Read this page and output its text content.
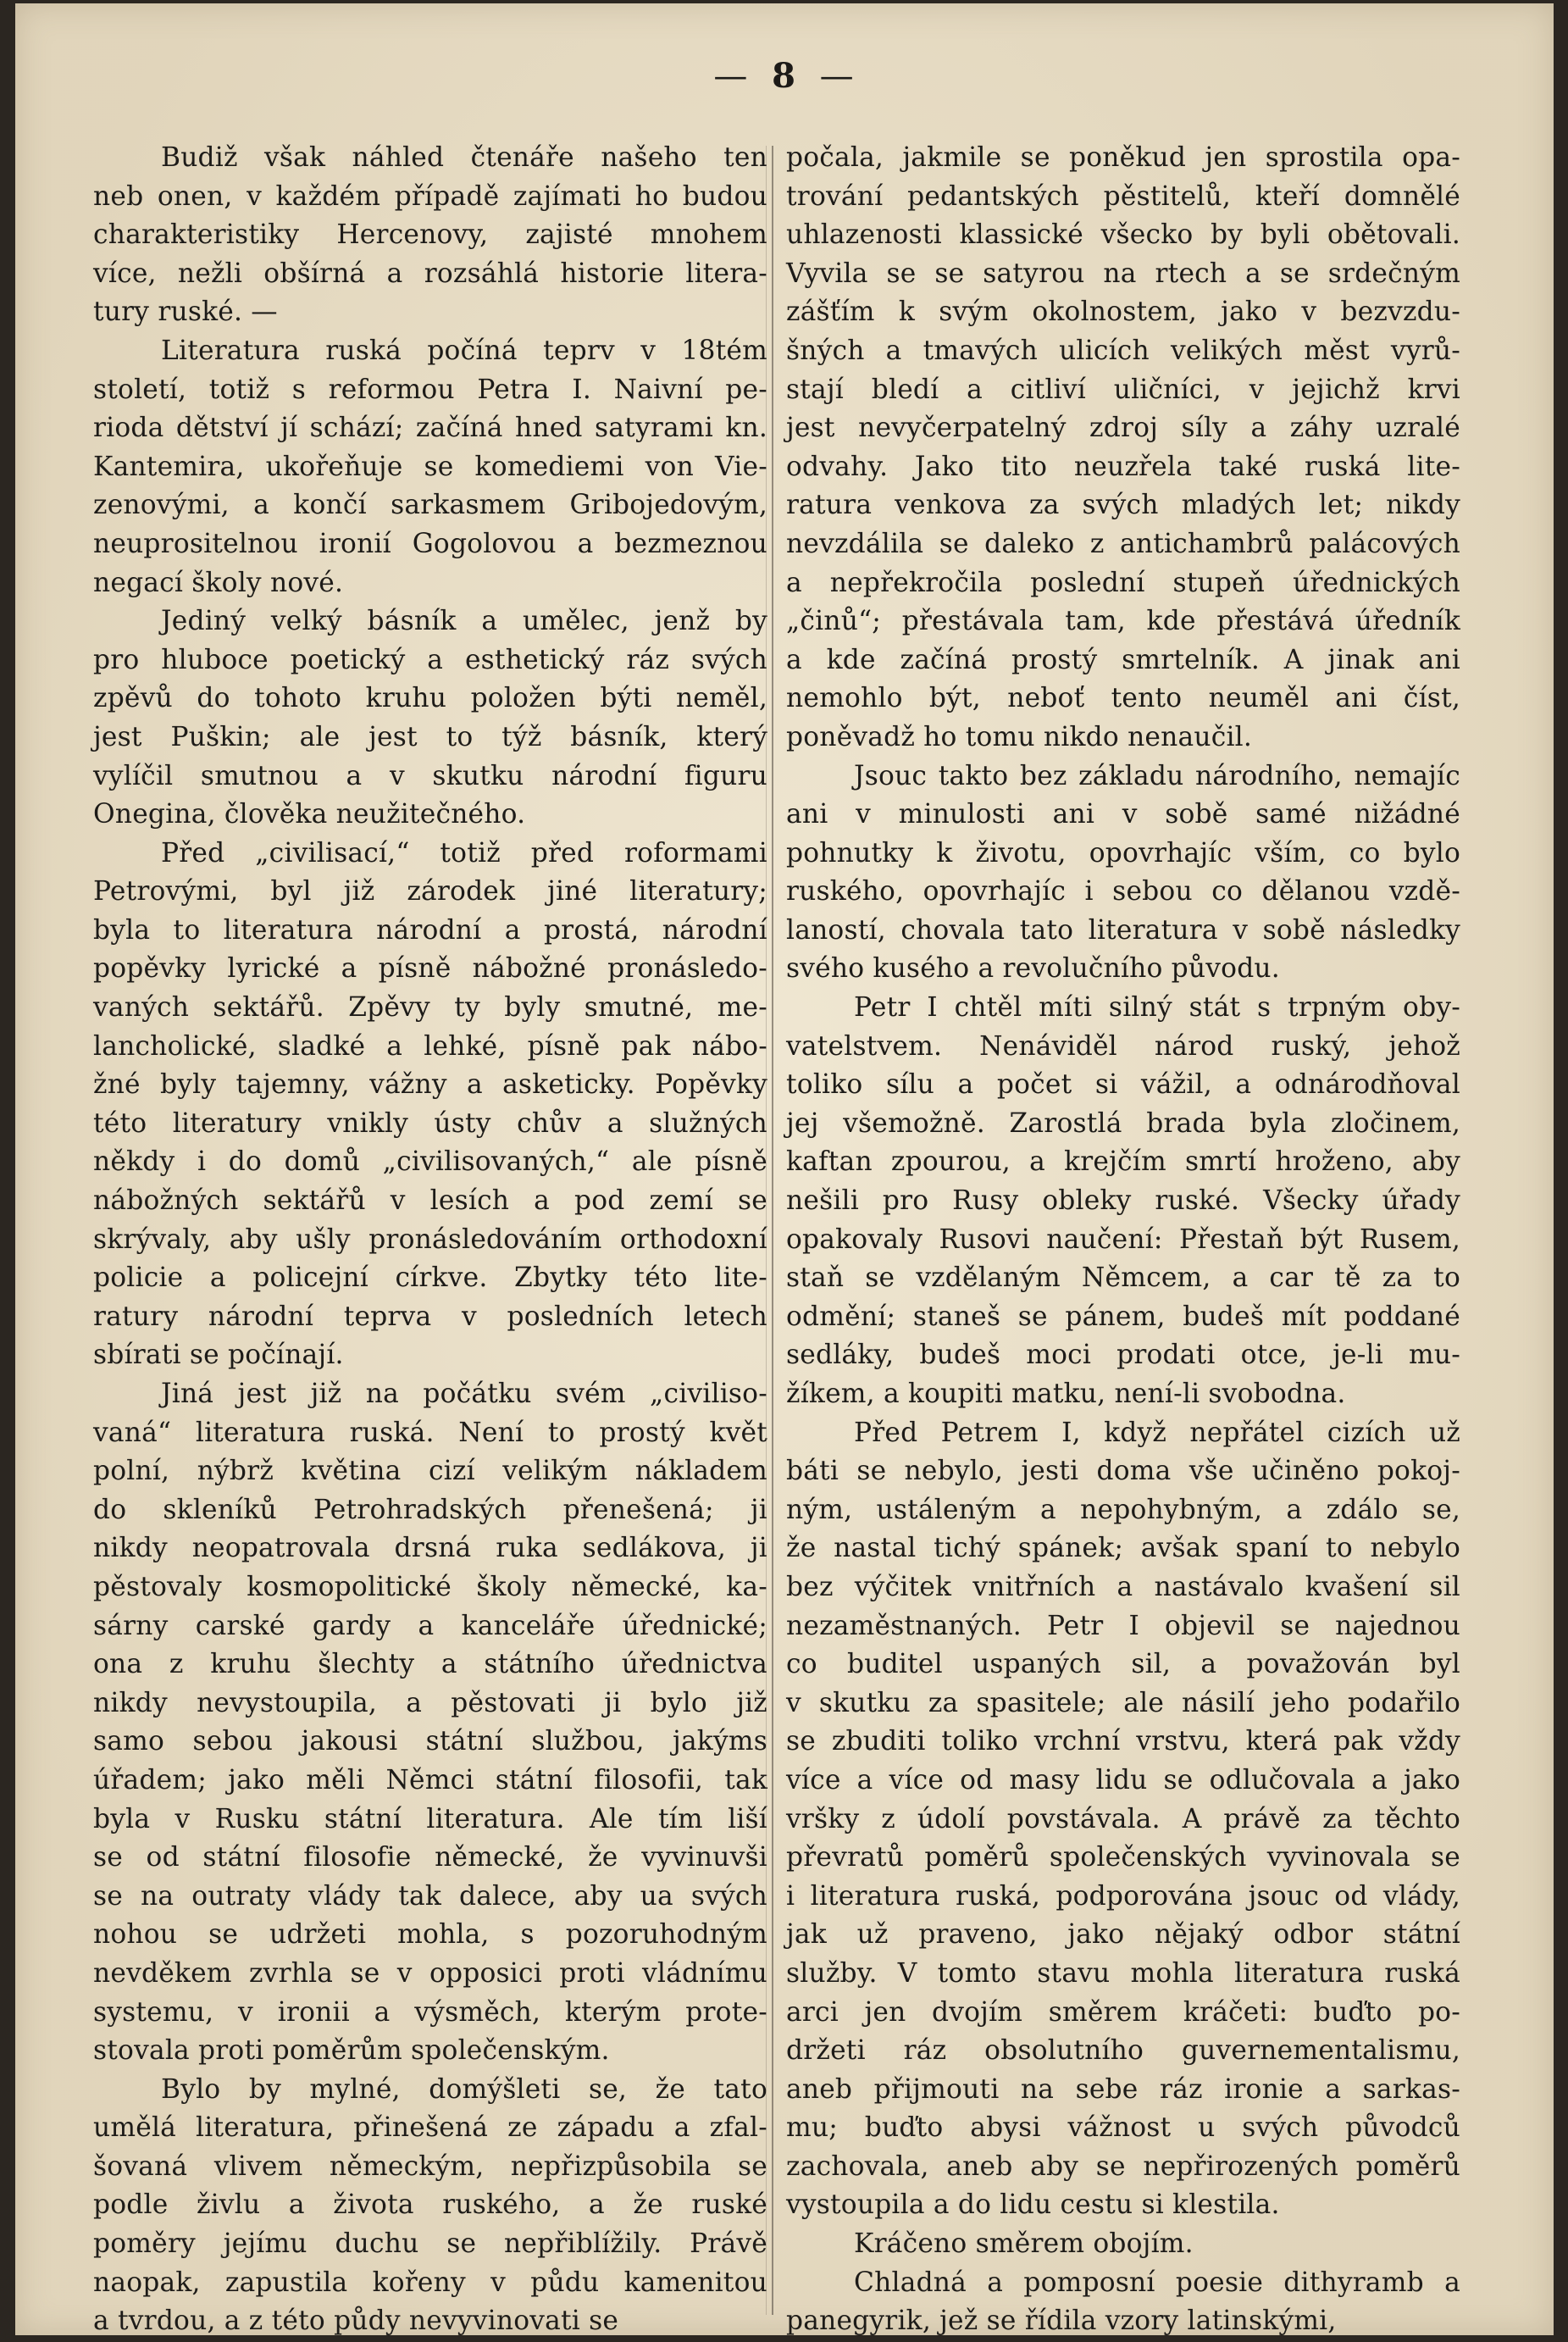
— 8 —

Budiž však náhled čtenáře našeho ten
neb onen, v každém případě zajímati ho budou
charakteristiky Hercenovy, zajisté mnohem
více, nežli obšírná a rozsáhlá historie litera-
tury ruské. —

Literatura ruská počíná teprv v 18tém
století, totiž s reformou Petra I. Naivní pe-
rioda dětství jí schází; začíná hned satyrami kn.
Kantemira, ukořeňuje se komediemi von Vie-
zenovými, a končí sarkasmem Gribojedovým,
neuprositelnou ironií Gogolovou a bezmeznou
negací školy nové.

Jediný velký básník a umělec, jenž by
pro hluboce poetický a esthetický ráz svých
zpěvů do tohoto kruhu položen býti neměl,
jest Puškin; ale jest to týž básník, který
vylíčil smutnou a v skutku národní figuru
Onegina, člověka neužitečného.

Před „civilisací,“ totiž před roformami
Petrovými, byl již zárodek jiné literatury;
byla to literatura národní a prostá, národní
popěvky lyrické a písně nábožné pronásledo-
vaných sektářů. Zpěvy ty byly smutné, me-
lancholické, sladké a lehké, písně pak nábo-
žné byly tajemny, vážny a asketicky. Popěvky
této literatury vnikly ústy chův a služných
někdy i do domů „civilisovaných,“ ale písně
nábožných sektářů v lesích a pod zemí se
skrývaly, aby ušly pronásledováním orthodoxní
policie a policejní církve. Zbytky této lite-
ratury národní teprva v posledních letech
sbírati se počínají.

Jiná jest již na počátku svém „civiliso-
vaná“ literatura ruská. Není to prostý květ
polní, nýbrž květina cizí velikým nákladem
do skleníků Petrohradských přenešená; ji
nikdy neopatrovala drsná ruka sedlákova, ji
pěstovaly kosmopolitické školy německé, ka-
sárny carské gardy a kanceláře úřednické;
ona z kruhu šlechty a státního úřednictva
nikdy nevystoupila, a pěstovati ji bylo již
samo sebou jakousi státní službou, jakýms
úřadem; jako měli Němci státní filosofii, tak
byla v Rusku státní literatura. Ale tím liší
se od státní filosofie německé, že vyvinuvši
se na outraty vlády tak dalece, aby ua svých
nohou se udržeti mohla, s pozoruhodným
nevděkem zvrhla se v opposici proti vládnímu
systemu, v ironii a výsměch, kterým prote-
stovala proti poměrům společenským.

Bylo by mylné, domýšleti se, že tato
umělá literatura, přinešená ze západu a zfal-
šovaná vlivem německým, nepřizpůsobila se
podle živlu a života ruského, a že ruské
poměry jejímu duchu se nepřiblížily. Právě
naopak, zapustila kořeny v půdu kamenitou
a tvrdou, a z této půdy nevyvinovati se

počala, jakmile se poněkud jen sprostila opa-
trování pedantských pěstitelů, kteří domnělé
uhlazenosti klassické všecko by byli obětovali.
Vyvila se se satyrou na rtech a se srdečným
zášťím k svým okolnostem, jako v bezvzdu-
šných a tmavých ulicích velikých měst vyrů-
stají bledí a citliví uličníci, v jejichž krvi
jest nevyčerpatelný zdroj síly a záhy uzralé
odvahy. Jako tito neuzřela také ruská lite-
ratura venkova za svých mladých let; nikdy
nevzdálila se daleko z antichambrů palácových
a nepřekročila poslední stupeň úřednických
„činů“; přestávala tam, kde přestává úředník
a kde začíná prostý smrtelník. A jinak ani
nemohlo být, neboť tento neuměl ani číst,
poněvadž ho tomu nikdo nenaučil.

Jsouc takto bez základu národního, nemajíc
ani v minulosti ani v sobě samé nižádné
pohnutky k životu, opovrhajíc vším, co bylo
ruského, opovrhajíc i sebou co dělanou vzdě-
laností, chovala tato literatura v sobě následky
svého kusého a revolučního původu.

Petr I chtěl míti silný stát s trpným oby-
vatelstvem. Nenáviděl národ ruský, jehož
toliko sílu a počet si vážil, a odnárodňoval
jej všemožně. Zarostlá brada byla zločinem,
kaftan zpourou, a krejčím smrtí hroženo, aby
nešili pro Rusy obleky ruské. Všecky úřady
opakovaly Rusovi naučení: Přestaň být Rusem,
staň se vzdělaným Němcem, a car tě za to
odmění; staneš se pánem, budeš mít poddané
sedláky, budeš moci prodati otce, je-li mu-
žíkem, a koupiti matku, není-li svobodna.

Před Petrem I, když nepřátel cizích už
báti se nebylo, jesti doma vše učiněno pokoj-
ným, ustáleným a nepohybným, a zdálo se,
že nastal tichý spánek; avšak spaní to nebylo
bez výčitek vnitřních a nastávalo kvašení sil
nezaměstnaných. Petr I objevil se najednou
co buditel uspaných sil, a považován byl
v skutku za spasitele; ale násilí jeho podařilo
se zbuditi toliko vrchní vrstvu, která pak vždy
více a více od masy lidu se odlučovala a jako
vršky z údolí povstávala. A právě za těchto
převratů poměrů společenských vyvinovala se
i literatura ruská, podporována jsouc od vlády,
jak už praveno, jako nějaký odbor státní
služby. V tomto stavu mohla literatura ruská
arci jen dvojím směrem kráčeti: buďto po-
držeti ráz obsolutního guvernementalismu,
aneb přijmouti na sebe ráz ironie a sarkas-
mu; buďto abysi vážnost u svých původců
zachovala, aneb aby se nepřirozených poměrů
vystoupila a do lidu cestu si klestila.

Kráčeno směrem obojím.

Chladná a pomposní poesie dithyramb a
panegyrik, jež se řídila vzory latinskými,
